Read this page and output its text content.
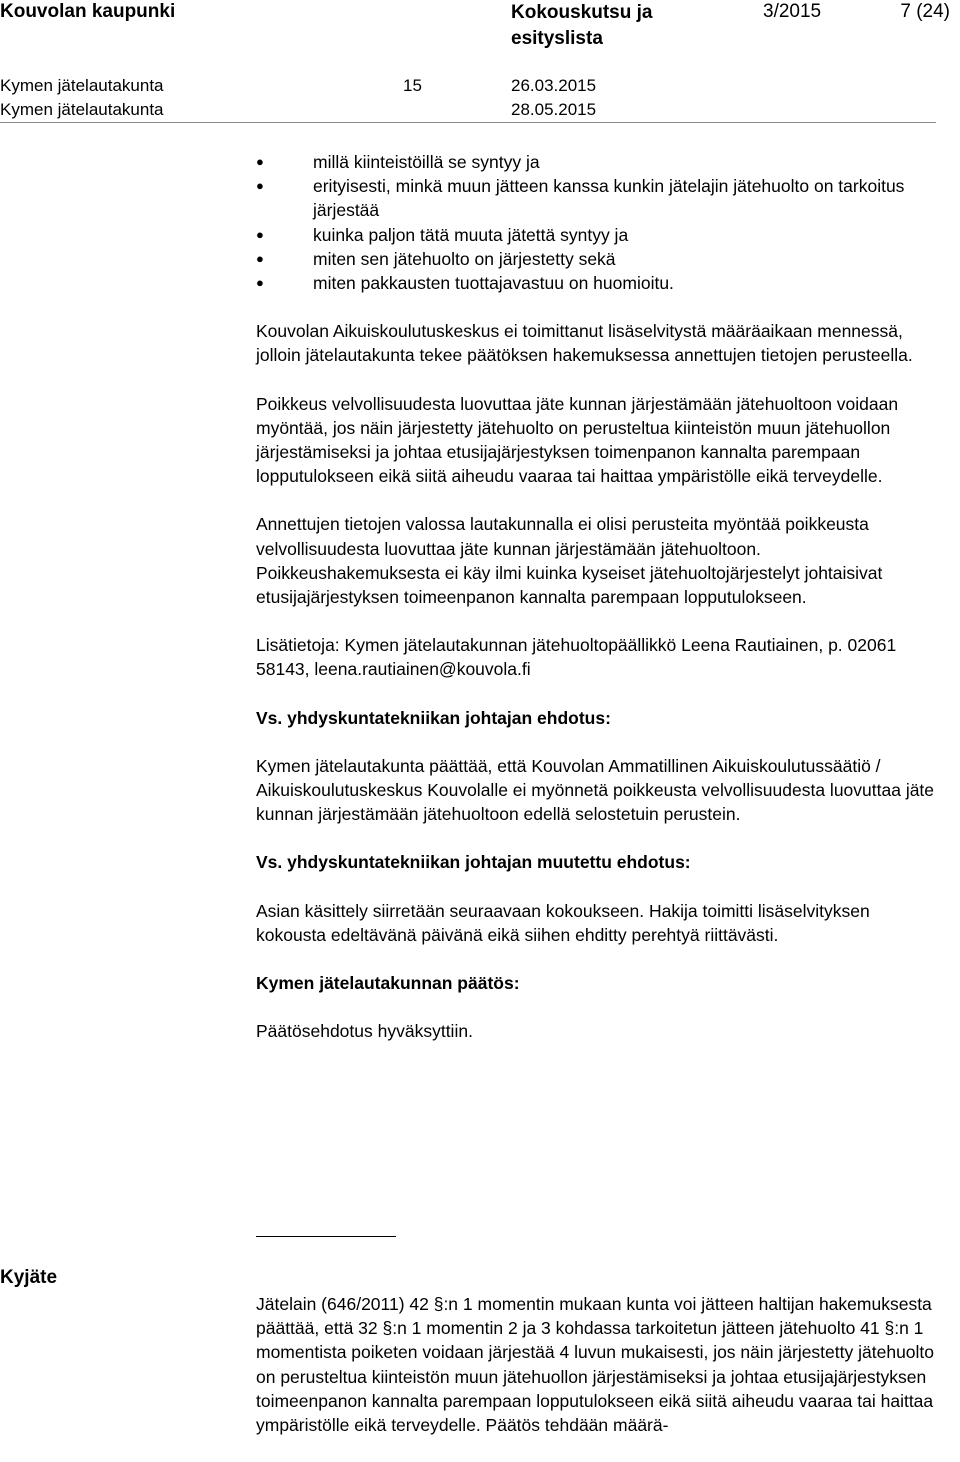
Kouvolan kaupunki	Kokouskutsu ja esityslista
3/2015	7 (24)
Kymen jätelautakunta	15	26.03.2015
Kymen jätelautakunta	28.05.2015
●	millä kiinteistöillä se syntyy ja
●	erityisesti, minkä muun jätteen kanssa kunkin jätelajin jätehuolto on tarkoitus järjestää
●	kuinka paljon tätä muuta jätettä syntyy ja
●	miten sen jätehuolto on järjestetty sekä
●	miten pakkausten tuottajavastuu on huomioitu.

Kouvolan Aikuiskoulutuskeskus ei toimittanut lisäselvitystä määräaikaan mennessä, jolloin jätelautakunta tekee päätöksen hakemuksessa annettujen tietojen perusteella.

Poikkeus velvollisuudesta luovuttaa jäte kunnan järjestämään jätehuoltoon voidaan myöntää, jos näin järjestetty jätehuolto on perusteltua kiinteistön muun jätehuollon järjestämiseksi ja johtaa etusijajärjestyksen toimenpanon kannalta parempaan lopputulokseen eikä siitä aiheudu vaaraa tai haittaa ympäristölle eikä terveydelle.

Annettujen tietojen valossa lautakunnalla ei olisi perusteita myöntää poikkeusta velvollisuudesta luovuttaa jäte kunnan järjestämään jätehuoltoon. Poikkeushakemuksesta ei käy ilmi kuinka kyseiset jätehuoltojärjestelyt johtaisivat etusijajärjestyksen toimeenpanon kannalta parempaan lopputulokseen.

Lisätietoja: Kymen jätelautakunnan jätehuoltopäällikkö Leena Rautiainen, p. 02061 58143, leena.rautiainen@kouvola.fi

Vs. yhdyskuntatekniikan johtajan ehdotus:

Kymen jätelautakunta päättää, että Kouvolan Ammatillinen Aikuiskoulutussäätiö / Aikuiskoulutuskeskus Kouvolalle ei myönnetä poikkeusta velvollisuudesta luovuttaa jäte kunnan järjestämään jätehuoltoon edellä selostetuin perustein.

Vs. yhdyskuntatekniikan johtajan muutettu ehdotus:

Asian käsittely siirretään seuraavaan kokoukseen. Hakija toimitti lisäselvityksen kokousta edeltävänä päivänä eikä siihen ehditty perehtyä riittävästi.

Kymen jätelautakunnan päätös:

Päätösehdotus hyväksyttiin.

Kyjäte
Jätelain (646/2011) 42 §:n 1 momentin mukaan kunta voi jätteen haltijan hakemuksesta päättää, että 32 §:n 1 momentin 2 ja 3 kohdassa tarkoitetun jätteen jätehuolto 41 §:n 1 momentista poiketen voidaan järjestää 4 luvun mukaisesti, jos näin järjestetty jätehuolto on perusteltua kiinteistön muun jätehuollon järjestämiseksi ja johtaa etusijajärjestyksen toimeenpanon kannalta parempaan lopputulokseen eikä siitä aiheudu vaaraa tai haittaa ympäristölle eikä terveydelle. Päätös tehdään määrä-
